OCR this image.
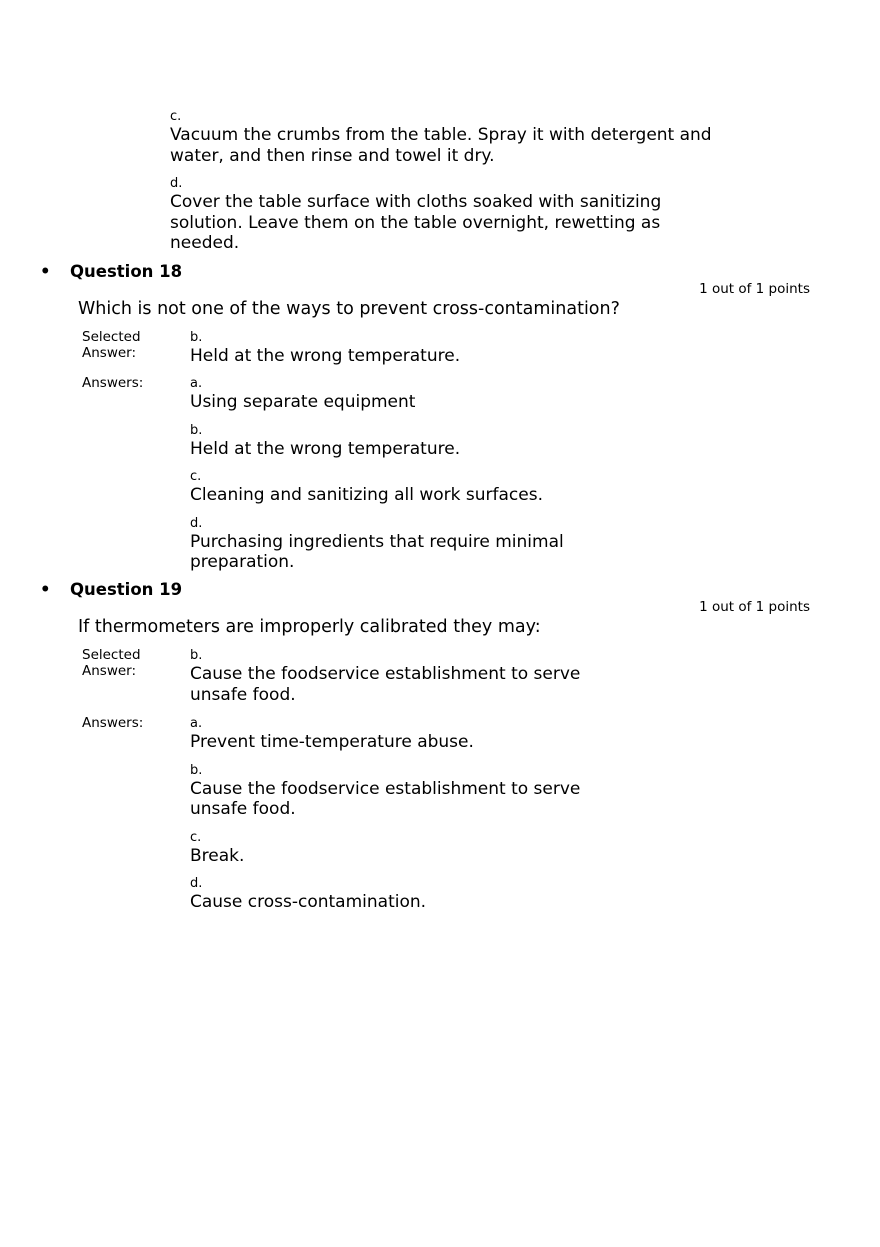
c.
Vacuum the crumbs from the table. Spray it with detergent and water, and then rinse and towel it dry.
d.
Cover the table surface with cloths soaked with sanitizing solution. Leave them on the table overnight, rewetting as needed.
• Question 18
1 out of 1 points
Which is not one of the ways to prevent cross-contamination?
Selected Answer:
b.
Held at the wrong temperature.
Answers:	a.
Using separate equipment
b.
Held at the wrong temperature.
c.
Cleaning and sanitizing all work surfaces.
d.
Purchasing ingredients that require minimal preparation.
• Question 19
1 out of 1 points
If thermometers are improperly calibrated they may:
Selected Answer:
b.
Cause the foodservice establishment to serve unsafe food.
Answers:	a.
Prevent time-temperature abuse.
b.
Cause the foodservice establishment to serve unsafe food.
c.
Break.
d.
Cause cross-contamination.
